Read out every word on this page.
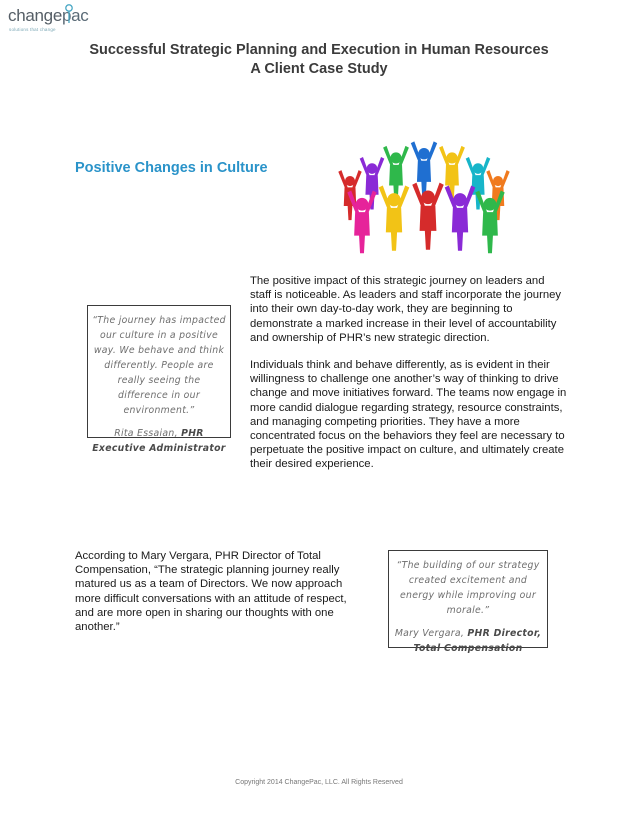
changepac
solutions that change
Successful Strategic Planning and Execution in Human Resources
A Client Case Study
Positive Changes in Culture

The positive impact of this strategic journey on leaders and staff is noticeable. As leaders and staff incorporate the journey into their own day-to-day work, they are beginning to demonstrate a marked increase in their level of accountability and ownership of PHR’s new strategic direction.

Individuals think and behave differently, as is evident in their willingness to challenge one another’s way of thinking to drive change and move initiatives forward. The teams now engage in more candid dialogue regarding strategy, resource constraints, and managing competing priorities. They have a more concentrated focus on the behaviors they feel are necessary to perpetuate the positive impact on culture, and ultimately create their desired experience.

“The journey has impacted our culture in a positive way. We behave and think differently. People are really seeing the difference in our environment.”
Rita Essaian, PHR Executive Administrator

According to Mary Vergara, PHR Director of Total Compensation, “The strategic planning journey really matured us as a team of Directors. We now approach more difficult conversations with an attitude of respect, and are more open in sharing our thoughts with one another.”

“The building of our strategy created excitement and energy while improving our morale.”
Mary Vergara, PHR Director, Total Compensation
Copyright 2014 ChangePac, LLC. All Rights Reserved
